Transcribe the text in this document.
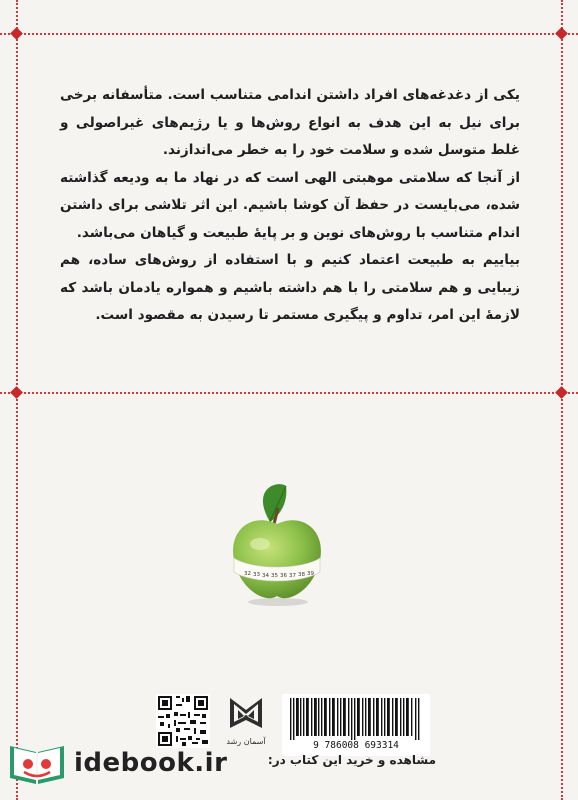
یکی از دغدغه‌های افراد داشتن اندامی متناسب است. متأسفانه برخی برای نیل به این هدف به انواع روش‌ها و یا رژیم‌های غیراصولی و غلط متوسل شده و سلامت خود را به خطر می‌اندازند.

از آنجا که سلامتی موهبتی الهی است که در نهاد ما به ودیعه گذاشته شده، می‌بایست در حفظ آن کوشا باشیم. این اثر تلاشی برای داشتن اندام متناسب با روش‌های نوین و بر پایهٔ طبیعت و گیاهان می‌باشد.

بیاییم به طبیعت اعتماد کنیم و با استفاده از روش‌های ساده، هم زیبایی و هم سلامتی را با هم داشته باشیم و همواره یادمان باشد که لازمهٔ این امر، تداوم و پیگیری مستمر تا رسیدن به مقصود است.

32 33 34 35 36 37 38 39
آسمان رشد	9 786008 693314
idebook.ir	مشاهده و خرید این کتاب در:
